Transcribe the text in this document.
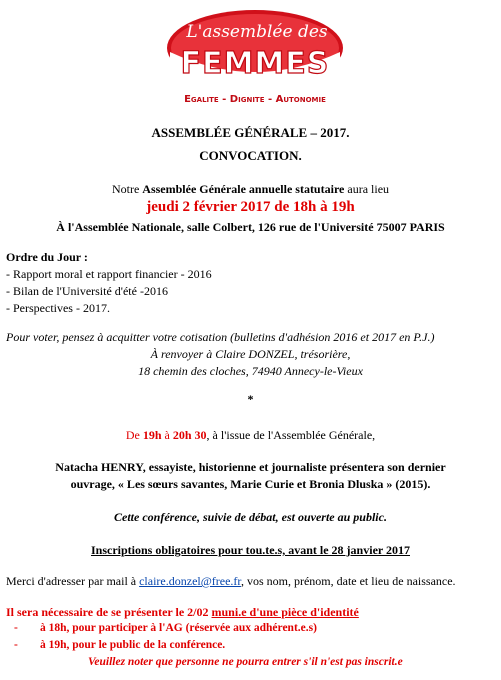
L'assemblée des
FEMMES
Egalite - Dignite - Autonomie
ASSEMBLÉE GÉNÉRALE – 2017.
CONVOCATION.
Notre Assemblée Générale annuelle statutaire aura lieu
jeudi 2 février 2017 de 18h à 19h
À l'Assemblée Nationale, salle Colbert, 126 rue de l'Université 75007 PARIS
Ordre du Jour :
- Rapport moral et rapport financier - 2016
- Bilan de l'Université d'été -2016
- Perspectives - 2017.
Pour voter, pensez à acquitter votre cotisation (bulletins d'adhésion 2016 et 2017 en P.J.)
À renvoyer à Claire DONZEL, trésorière,
18 chemin des cloches, 74940 Annecy-le-Vieux
*
De 19h à 20h 30, à l'issue de l'Assemblée Générale,
Natacha HENRY, essayiste, historienne et journaliste présentera son dernier
ouvrage, « Les sœurs savantes, Marie Curie et Bronia Dluska » (2015).
Cette conférence, suivie de débat, est ouverte au public.
Inscriptions obligatoires pour tou.te.s, avant le 28 janvier 2017
Merci d'adresser par mail à claire.donzel@free.fr, vos nom, prénom, date et lieu de naissance.
Il sera nécessaire de se présenter le 2/02 muni.e d'une pièce d'identité
- à 18h, pour participer à l'AG (réservée aux adhérent.e.s)
- à 19h, pour le public de la conférence.
Veuillez noter que personne ne pourra entrer s'il n'est pas inscrit.e
